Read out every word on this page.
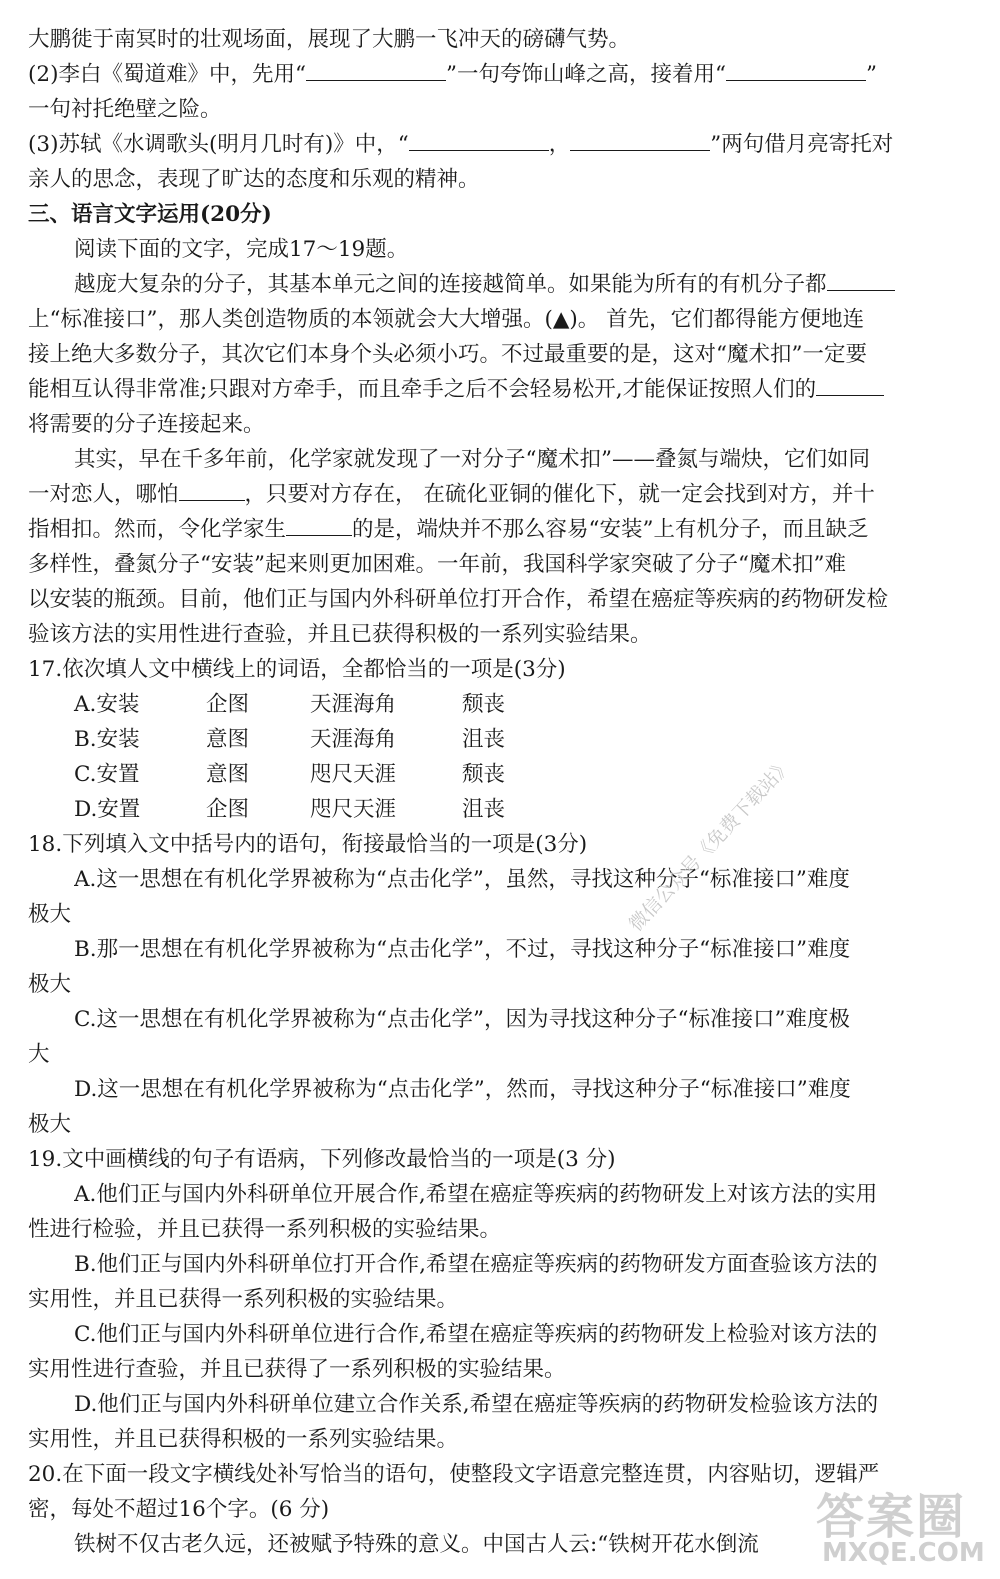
大鹏徙于南冥时的壮观场面，展现了大鹏一飞冲天的磅礴气势。
(2)李白《蜀道难》中，先用“	”一句夸饰山峰之高，接着用“	”
一句衬托绝壁之险。
(3)苏轼《水调歌头(明月几时有)》中，“	，	”两句借月亮寄托对
亲人的思念，表现了旷达的态度和乐观的精神。
三、语言文字运用(20分)
阅读下面的文字，完成17～19题。
越庞大复杂的分子，其基本单元之间的连接越简单。如果能为所有的有机分子都
上“标准接口”，那人类创造物质的本领就会大大增强。(▲)。 首先，它们都得能方便地连
接上绝大多数分子，其次它们本身个头必须小巧。不过最重要的是，这对“魔术扣”一定要
能相互认得非常准;只跟对方牵手，而且牵手之后不会轻易松开,才能保证按照人们的
将需要的分子连接起来。
其实，早在千多年前，化学家就发现了一对分子“魔术扣”——叠氮与端炔，它们如同
一对恋人，哪怕	，只要对方存在， 在硫化亚铜的催化下，就一定会找到对方，并十
指相扣。然而，令化学家生	的是，端炔并不那么容易“安装”上有机分子，而且缺乏
多样性，叠氮分子“安装”起来则更加困难。一年前，我国科学家突破了分子“魔术扣”难
以安装的瓶颈。目前，他们正与国内外科研单位打开合作，希望在癌症等疾病的药物研发检
验该方法的实用性进行查验，并且已获得积极的一系列实验结果。
17.依次填人文中横线上的词语，全都恰当的一项是(3分)
A.安装	企图	天涯海角	颓丧
B.安装	意图	天涯海角	沮丧
C.安置	意图	咫尺天涯	颓丧
D.安置	企图	咫尺天涯	沮丧
18.下列填入文中括号内的语句，衔接最恰当的一项是(3分)
A.这一思想在有机化学界被称为“点击化学”，虽然，寻找这种分子“标准接口”难度
极大
B.那一思想在有机化学界被称为“点击化学”，不过，寻找这种分子“标准接口”难度
极大
C.这一思想在有机化学界被称为“点击化学”，因为寻找这种分子“标准接口”难度极
大
D.这一思想在有机化学界被称为“点击化学”，然而，寻找这种分子“标准接口”难度
极大
19.文中画横线的句子有语病，下列修改最恰当的一项是(3 分)
A.他们正与国内外科研单位开展合作,希望在癌症等疾病的药物研发上对该方法的实用
性进行检验，并且已获得一系列积极的实验结果。
B.他们正与国内外科研单位打开合作,希望在癌症等疾病的药物研发方面查验该方法的
实用性，并且已获得一系列积极的实验结果。
C.他们正与国内外科研单位进行合作,希望在癌症等疾病的药物研发上检验对该方法的
实用性进行查验，并且已获得了一系列积极的实验结果。
D.他们正与国内外科研单位建立合作关系,希望在癌症等疾病的药物研发检验该方法的
实用性，并且已获得积极的一系列实验结果。
20.在下面一段文字横线处补写恰当的语句，使整段文字语意完整连贯，内容贴切，逻辑严
密，每处不超过16个字。(6 分)
铁树不仅古老久远，还被赋予特殊的意义。中国古人云:“铁树开花水倒流
微信公众号《免费下载站》
答案圈
MXQE.COM
